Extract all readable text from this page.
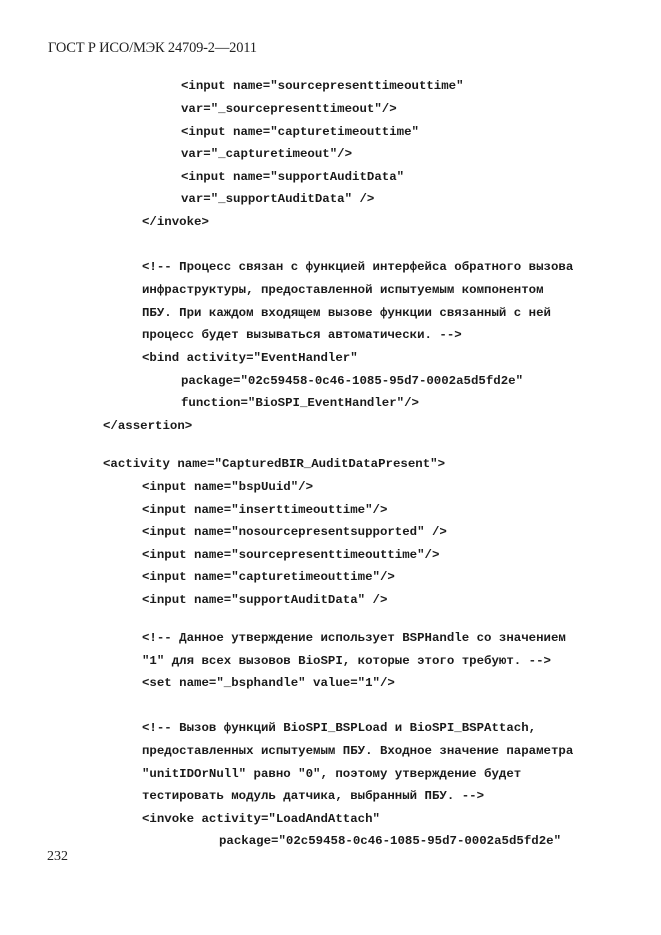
ГОСТ Р ИСО/МЭК 24709-2—2011
<input name="sourcepresenttimeouttime"
var="_sourcepresenttimeout"/>
<input name="capturetimeouttime"
var="_capturetimeout"/>
<input name="supportAuditData"
var="_supportAuditData" />
</invoke>
<!-- Процесс связан с функцией интерфейса обратного вызова
инфраструктуры, предоставленной испытуемым компонентом
ПБУ. При каждом входящем вызове функции связанный с ней
процесс будет вызываться автоматически. -->
<bind activity="EventHandler"
package="02c59458-0c46-1085-95d7-0002a5d5fd2e"
function="BioSPI_EventHandler"/>
</assertion>
<activity name="CapturedBIR_AuditDataPresent">
<input name="bspUuid"/>
<input name="inserttimeouttime"/>
<input name="nosourcepresentsupported" />
<input name="sourcepresenttimeouttime"/>
<input name="capturetimeouttime"/>
<input name="supportAuditData" />
<!-- Данное утверждение использует BSPHandle со значением
"1" для всех вызовов BioSPI, которые этого требуют. -->
<set name="_bsphandle" value="1"/>
<!-- Вызов функций BioSPI_BSPLoad и BioSPI_BSPAttach,
предоставленных испытуемым ПБУ. Входное значение параметра
"unitIDOrNull" равно "0", поэтому утверждение будет
тестировать модуль датчика, выбранный ПБУ. -->
<invoke activity="LoadAndAttach"
package="02c59458-0c46-1085-95d7-0002a5d5fd2e"
232
